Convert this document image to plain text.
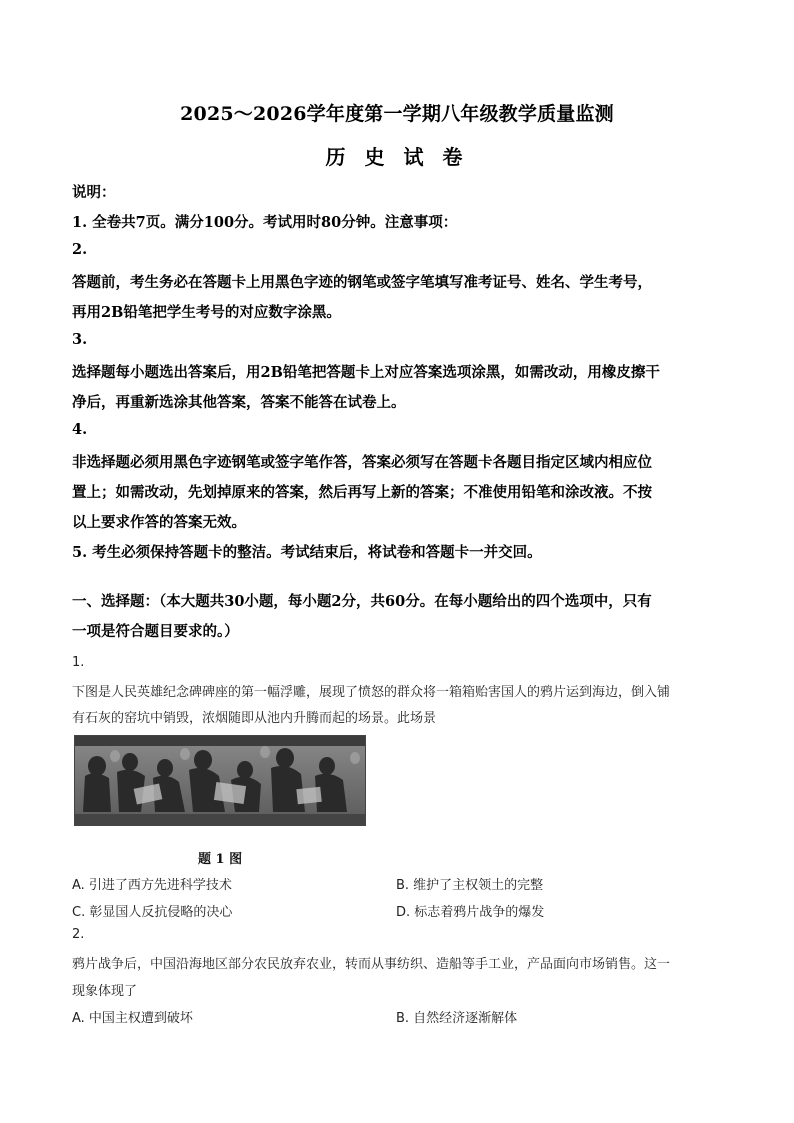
2025～2026学年度第一学期八年级教学质量监测
历 史 试 卷
说明：
1. 全卷共7页。满分100分。考试用时80分钟。注意事项：
2.
答题前，考生务必在答题卡上用黑色字迹的钢笔或签字笔填写准考证号、姓名、学生考号，
再用2B铅笔把学生考号的对应数字涂黑。
3.
选择题每小题选出答案后，用2B铅笔把答题卡上对应答案选项涂黑，如需改动，用橡皮擦干
净后，再重新选涂其他答案，答案不能答在试卷上。
4.
非选择题必须用黑色字迹钢笔或签字笔作答，答案必须写在答题卡各题目指定区域内相应位
置上；如需改动，先划掉原来的答案，然后再写上新的答案；不准使用铅笔和涂改液。不按
以上要求作答的答案无效。
5. 考生必须保持答题卡的整洁。考试结束后，将试卷和答题卡一并交回。
一、选择题：（本大题共30小题，每小题2分，共60分。在每小题给出的四个选项中，只有
一项是符合题目要求的。）
1.
下图是人民英雄纪念碑碑座的第一幅浮雕，展现了愤怒的群众将一箱箱贻害国人的鸦片运到海边，倒入铺
有石灰的窑坑中销毁，浓烟随即从池内升腾而起的场景。此场景
题 1 图
A. 引进了西方先进科学技术	B. 维护了主权领土的完整
C. 彰显国人反抗侵略的决心	D. 标志着鸦片战争的爆发
2.
鸦片战争后，中国沿海地区部分农民放弃农业，转而从事纺织、造船等手工业，产品面向市场销售。这一
现象体现了
A. 中国主权遭到破坏	B. 自然经济逐渐解体
